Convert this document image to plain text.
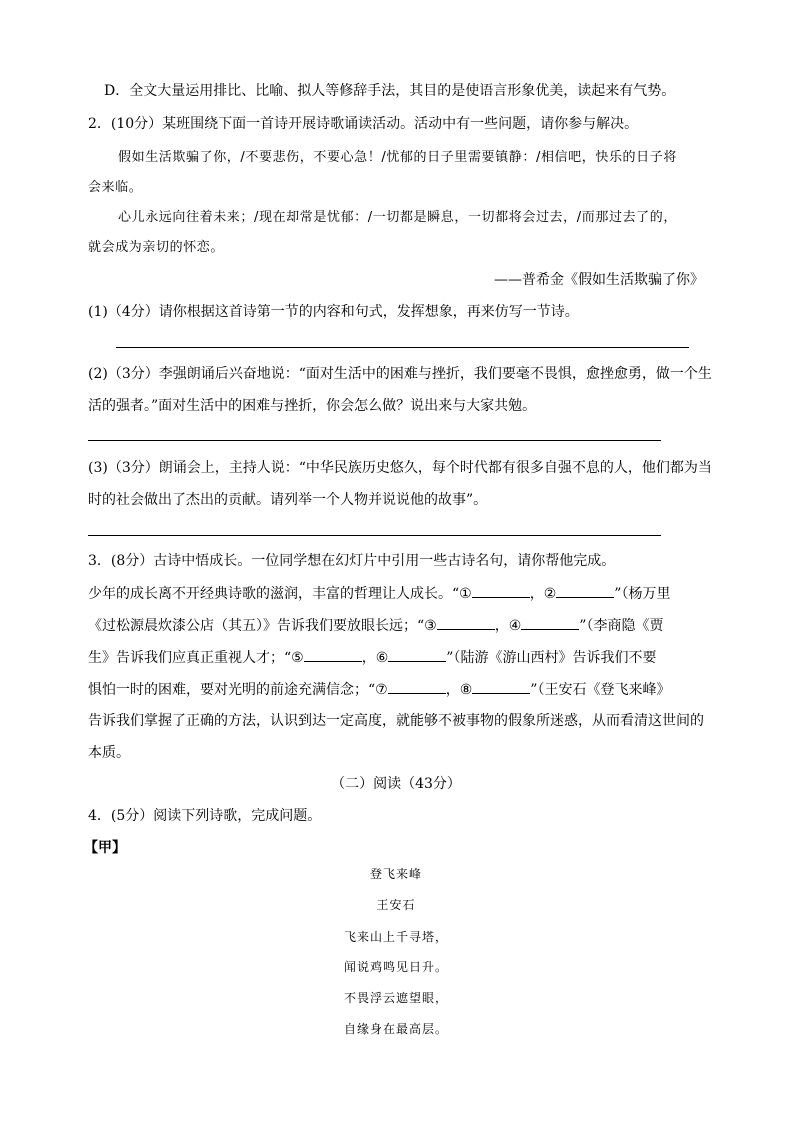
D．全文大量运用排比、比喻、拟人等修辞手法，其目的是使语言形象优美，读起来有气势。
2．(10分）某班围绕下面一首诗开展诗歌诵读活动。活动中有一些问题，请你参与解决。
假如生活欺骗了你，/不要悲伤，不要心急！/忧郁的日子里需要镇静：/相信吧，快乐的日子将
会来临。
心儿永远向往着未来；/现在却常是忧郁：/一切都是瞬息，一切都将会过去，/而那过去了的，
就会成为亲切的怀恋。
——普希金《假如生活欺骗了你》
(1)（4分）请你根据这首诗第一节的内容和句式，发挥想象，再来仿写一节诗。
(2)（3分）李强朗诵后兴奋地说：“面对生活中的困难与挫折，我们要毫不畏惧，愈挫愈勇，做一个生
活的强者。”面对生活中的困难与挫折，你会怎么做？说出来与大家共勉。
(3)（3分）朗诵会上，主持人说：“中华民族历史悠久，每个时代都有很多自强不息的人，他们都为当
时的社会做出了杰出的贡献。请列举一个人物并说说他的故事”。
3．(8分）古诗中悟成长。一位同学想在幻灯片中引用一些古诗名句，请你帮他完成。
少年的成长离不开经典诗歌的滋润，丰富的哲理让人成长。“①	，②	”（杨万里
《过松源晨炊漆公店（其五）》告诉我们要放眼长远；“③	，④	”（李商隐《贾
生》告诉我们应真正重视人才；“⑤	，⑥	”（陆游《游山西村》告诉我们不要
惧怕一时的困难，要对光明的前途充满信念；“⑦	，⑧	”（王安石《登飞来峰》
告诉我们掌握了正确的方法，认识到达一定高度，就能够不被事物的假象所迷惑，从而看清这世间的
本质。
（二）阅读（43分）
4．(5分）阅读下列诗歌，完成问题。
【甲】
登飞来峰
王安石
飞来山上千寻塔，
闻说鸡鸣见日升。
不畏浮云遮望眼，
自缘身在最高层。
